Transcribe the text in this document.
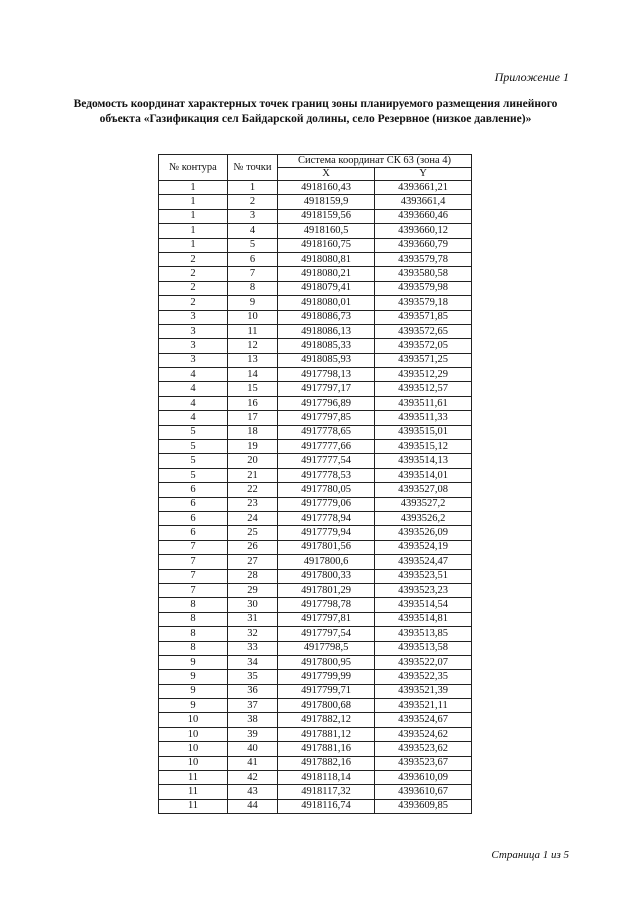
Приложение 1
Ведомость координат характерных точек границ зоны планируемого размещения линейного
объекта «Газификация сел Байдарской долины, село Резервное (низкое давление)»
№ контура	№ точки	Система координат СК 63 (зона 4)	
		X	Y
1	1	4918160,43	4393661,21
1	2	4918159,9	4393661,4
1	3	4918159,56	4393660,46
1	4	4918160,5	4393660,12
1	5	4918160,75	4393660,79
2	6	4918080,81	4393579,78
2	7	4918080,21	4393580,58
2	8	4918079,41	4393579,98
2	9	4918080,01	4393579,18
3	10	4918086,73	4393571,85
3	11	4918086,13	4393572,65
3	12	4918085,33	4393572,05
3	13	4918085,93	4393571,25
4	14	4917798,13	4393512,29
4	15	4917797,17	4393512,57
4	16	4917796,89	4393511,61
4	17	4917797,85	4393511,33
5	18	4917778,65	4393515,01
5	19	4917777,66	4393515,12
5	20	4917777,54	4393514,13
5	21	4917778,53	4393514,01
6	22	4917780,05	4393527,08
6	23	4917779,06	4393527,2
6	24	4917778,94	4393526,2
6	25	4917779,94	4393526,09
7	26	4917801,56	4393524,19
7	27	4917800,6	4393524,47
7	28	4917800,33	4393523,51
7	29	4917801,29	4393523,23
8	30	4917798,78	4393514,54
8	31	4917797,81	4393514,81
8	32	4917797,54	4393513,85
8	33	4917798,5	4393513,58
9	34	4917800,95	4393522,07
9	35	4917799,99	4393522,35
9	36	4917799,71	4393521,39
9	37	4917800,68	4393521,11
10	38	4917882,12	4393524,67
10	39	4917881,12	4393524,62
10	40	4917881,16	4393523,62
10	41	4917882,16	4393523,67
11	42	4918118,14	4393610,09
11	43	4918117,32	4393610,67
11	44	4918116,74	4393609,85
Страница 1 из 5
